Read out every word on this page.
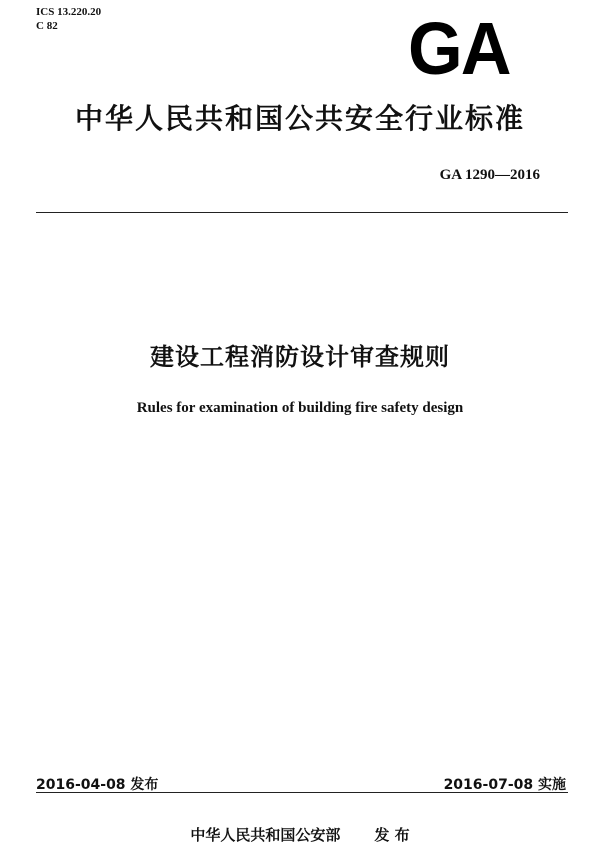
ICS 13.220.20
C 82	GA
中华人民共和国公共安全行业标准
GA 1290—2016
建设工程消防设计审查规则
Rules for examination of building fire safety design
2016-04-08 发布	2016-07-08 实施
中华人民共和国公安部 发 布
